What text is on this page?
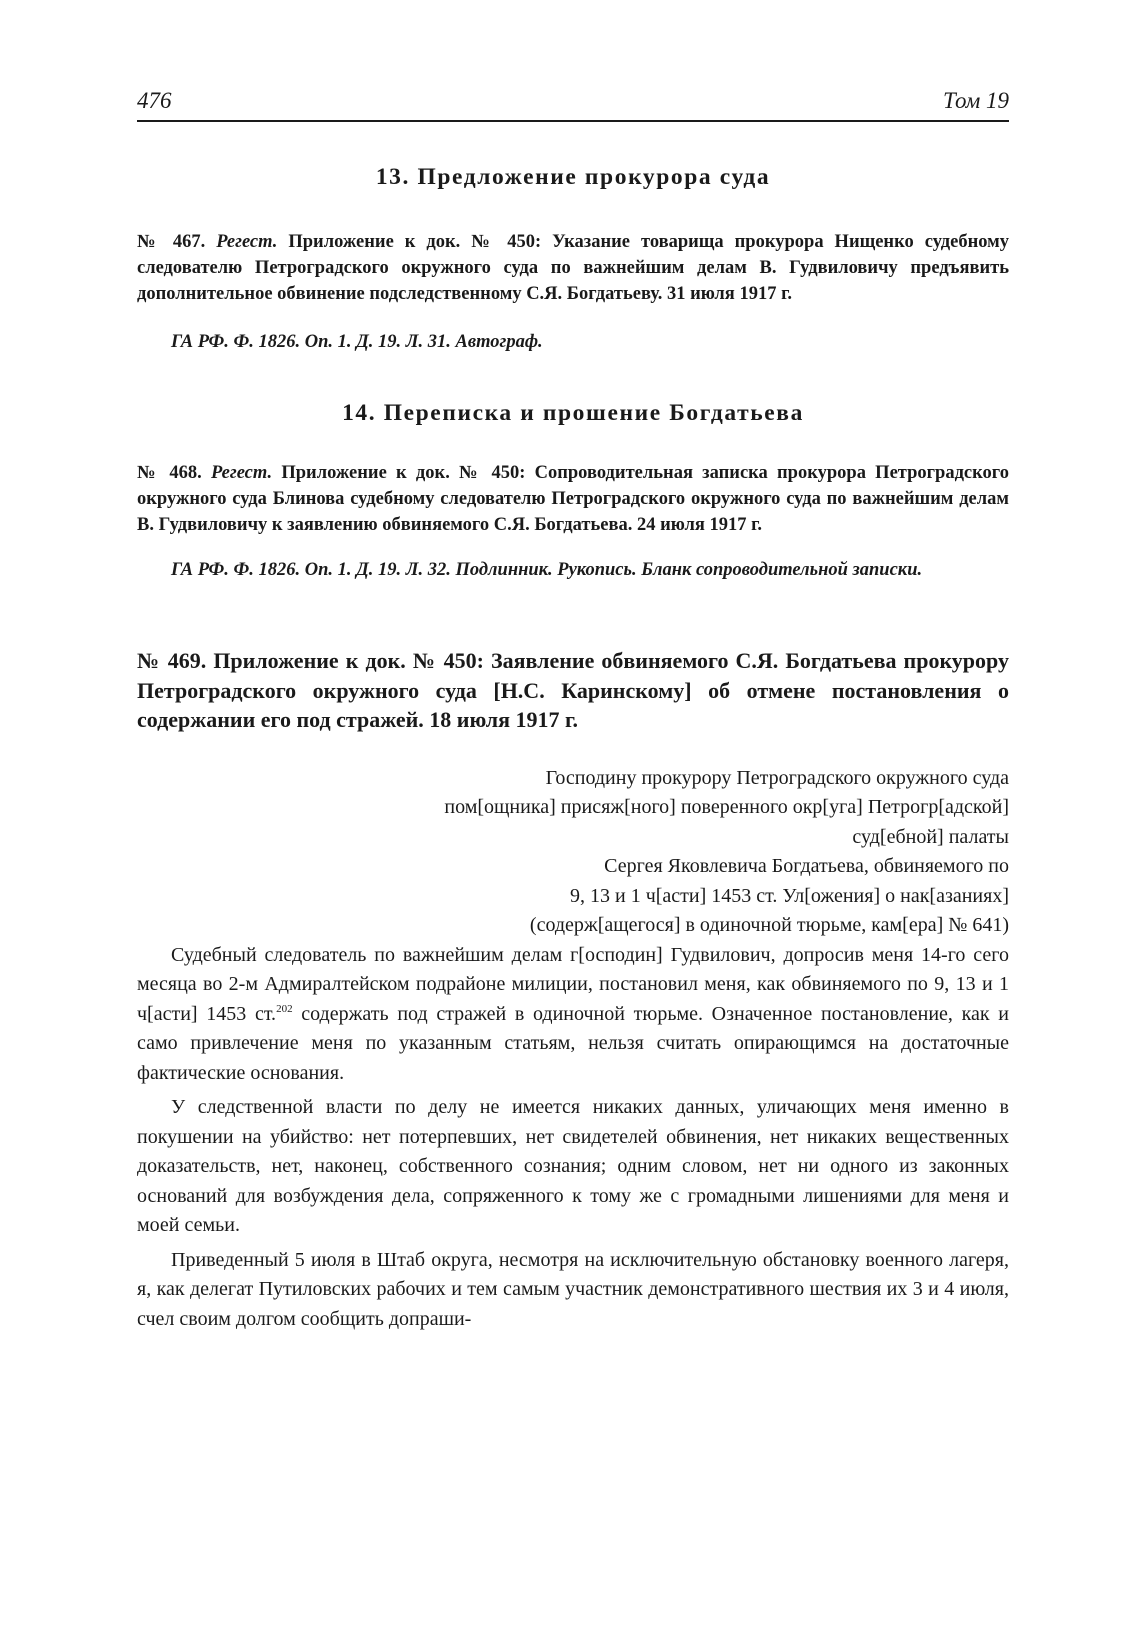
476	Том 19
13. Предложение прокурора суда

№ 467. Регест. Приложение к док. № 450: Указание товарища прокурора Нищенко судебному следователю Петроградского окружного суда по важнейшим делам В. Гудвиловичу предъявить дополнительное обвинение подследственному С.Я. Богдатьеву. 31 июля 1917 г.

ГА РФ. Ф. 1826. Оп. 1. Д. 19. Л. 31. Автограф.

14. Переписка и прошение Богдатьева

№ 468. Регест. Приложение к док. № 450: Сопроводительная записка прокурора Петроградского окружного суда Блинова судебному следователю Петроградского окружного суда по важнейшим делам В. Гудвиловичу к заявлению обвиняемого С.Я. Богдатьева. 24 июля 1917 г.

ГА РФ. Ф. 1826. Оп. 1. Д. 19. Л. 32. Подлинник. Рукопись. Бланк сопроводительной записки.

№ 469. Приложение к док. № 450: Заявление обвиняемого С.Я. Богдатьева прокурору Петроградского окружного суда [Н.С. Каринскому] об отмене постановления о содержании его под стражей. 18 июля 1917 г.
Господину прокурору Петроградского окружного суда
пом[ощника] присяж[ного] поверенного окр[уга] Петрогр[адской]
суд[ебной] палаты
Сергея Яковлевича Богдатьева, обвиняемого по
9, 13 и 1 ч[асти] 1453 ст. Ул[ожения] о нак[азаниях]
(содерж[ащегося] в одиночной тюрьме, кам[ера] № 641)

Судебный следователь по важнейшим делам г[осподин] Гудвилович, допросив меня 14-го сего месяца во 2-м Адмиралтейском подрайоне милиции, постановил меня, как обвиняемого по 9, 13 и 1 ч[асти] 1453 ст.$^{202}$ содержать под стражей в одиночной тюрьме. Означенное постановление, как и само привлечение меня по указанным статьям, нельзя считать опирающимся на достаточные фактические основания.

У следственной власти по делу не имеется никаких данных, уличающих меня именно в покушении на убийство: нет потерпевших, нет свидетелей обвинения, нет никаких вещественных доказательств, нет, наконец, собственного сознания; одним словом, нет ни одного из законных оснований для возбуждения дела, сопряженного к тому же с громадными лишениями для меня и моей семьи.

Приведенный 5 июля в Штаб округа, несмотря на исключительную обстановку военного лагеря, я, как делегат Путиловских рабочих и тем самым участник демонстративного шествия их 3 и 4 июля, счел своим долгом сообщить допраши-
